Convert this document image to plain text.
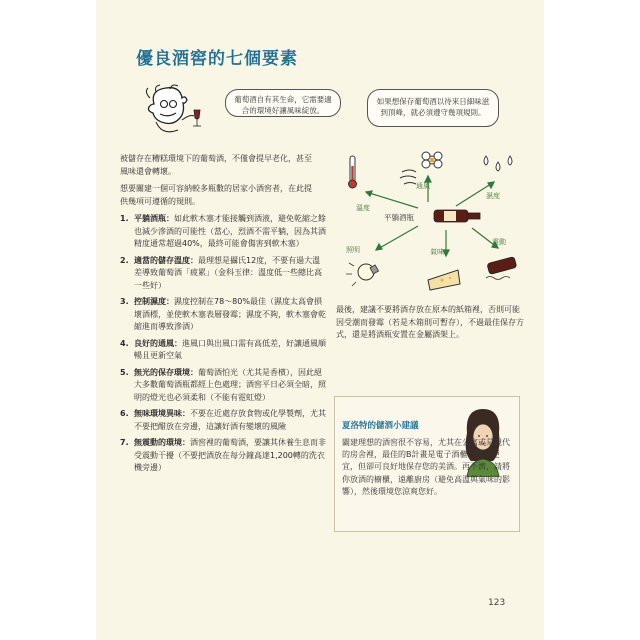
優良酒窖的七個要素
葡萄酒自有其生命，它需要適合的環境好讓風味綻放。
如果想保存葡萄酒以待來日細味滋到頂峰，就必須遵守幾項規則。

被儲存在糟糕環境下的葡萄酒，不僅會提早老化，甚至風味還會轉壞。

想要關建一個可容納較多瓶數的居家小酒窖者，在此提供幾項可遵循的規則。

1. 平躺酒瓶：如此軟木塞才能接觸到酒液，避免乾縮之餘也減少滲酒的可能性（當心，烈酒不需平躺，因為其酒精度通常超過40%，最終可能會傷害到軟木塞）
2. 適當的儲存溫度：最理想是攝氏12度，不要有過大溫差導致葡萄酒「疲累」（金科玉律：溫度低一些總比高一些好）
3. 控制濕度：濕度控制在78～80%最佳（濕度太高會損壞酒標，並使軟木塞表層發霉；濕度不夠，軟木塞會乾縮進而導致滲酒）
4. 良好的通風：進風口與出風口需有高低差，好讓通風順暢且更新空氣
5. 無光的保存環境：葡萄酒怕光（尤其是香檳），因此絕大多數葡萄酒瓶都經上色處理；酒窖平日必須全暗，照明的燈光也必須柔和（不能有霓虹燈）
6. 無味環境異味：不要在近處存放食物或化學製劑，尤其不要把醋放在旁邊，這讓好酒有變壞的風險
7. 無震動的環境：酒窖裡的葡萄酒，要讓其休養生息而非受震動干擾（不要把酒放在每分鐘高達1,200轉的洗衣機旁邊）
溫度
通風
濕度
平躺酒瓶
照明	氣味
震動

最後，建議不要將酒存放在原本的紙箱裡，否則可能因受潮而發霉（若是木箱則可暫存），不過最佳保存方式，還是將酒瓶安置在金屬酒架上。

夏洛特的儲酒小建議
闢建理想的酒窖很不容易，尤其在公寓或是現代的房舍裡，最佳的B計畫是電子酒櫃：雖不便宜，但卻可良好地保存您的美酒。再不濟，請將你放酒的櫥櫃，遠離廚房（避免高溫與氣味的影響），然後環境您涼爽您好。
123
